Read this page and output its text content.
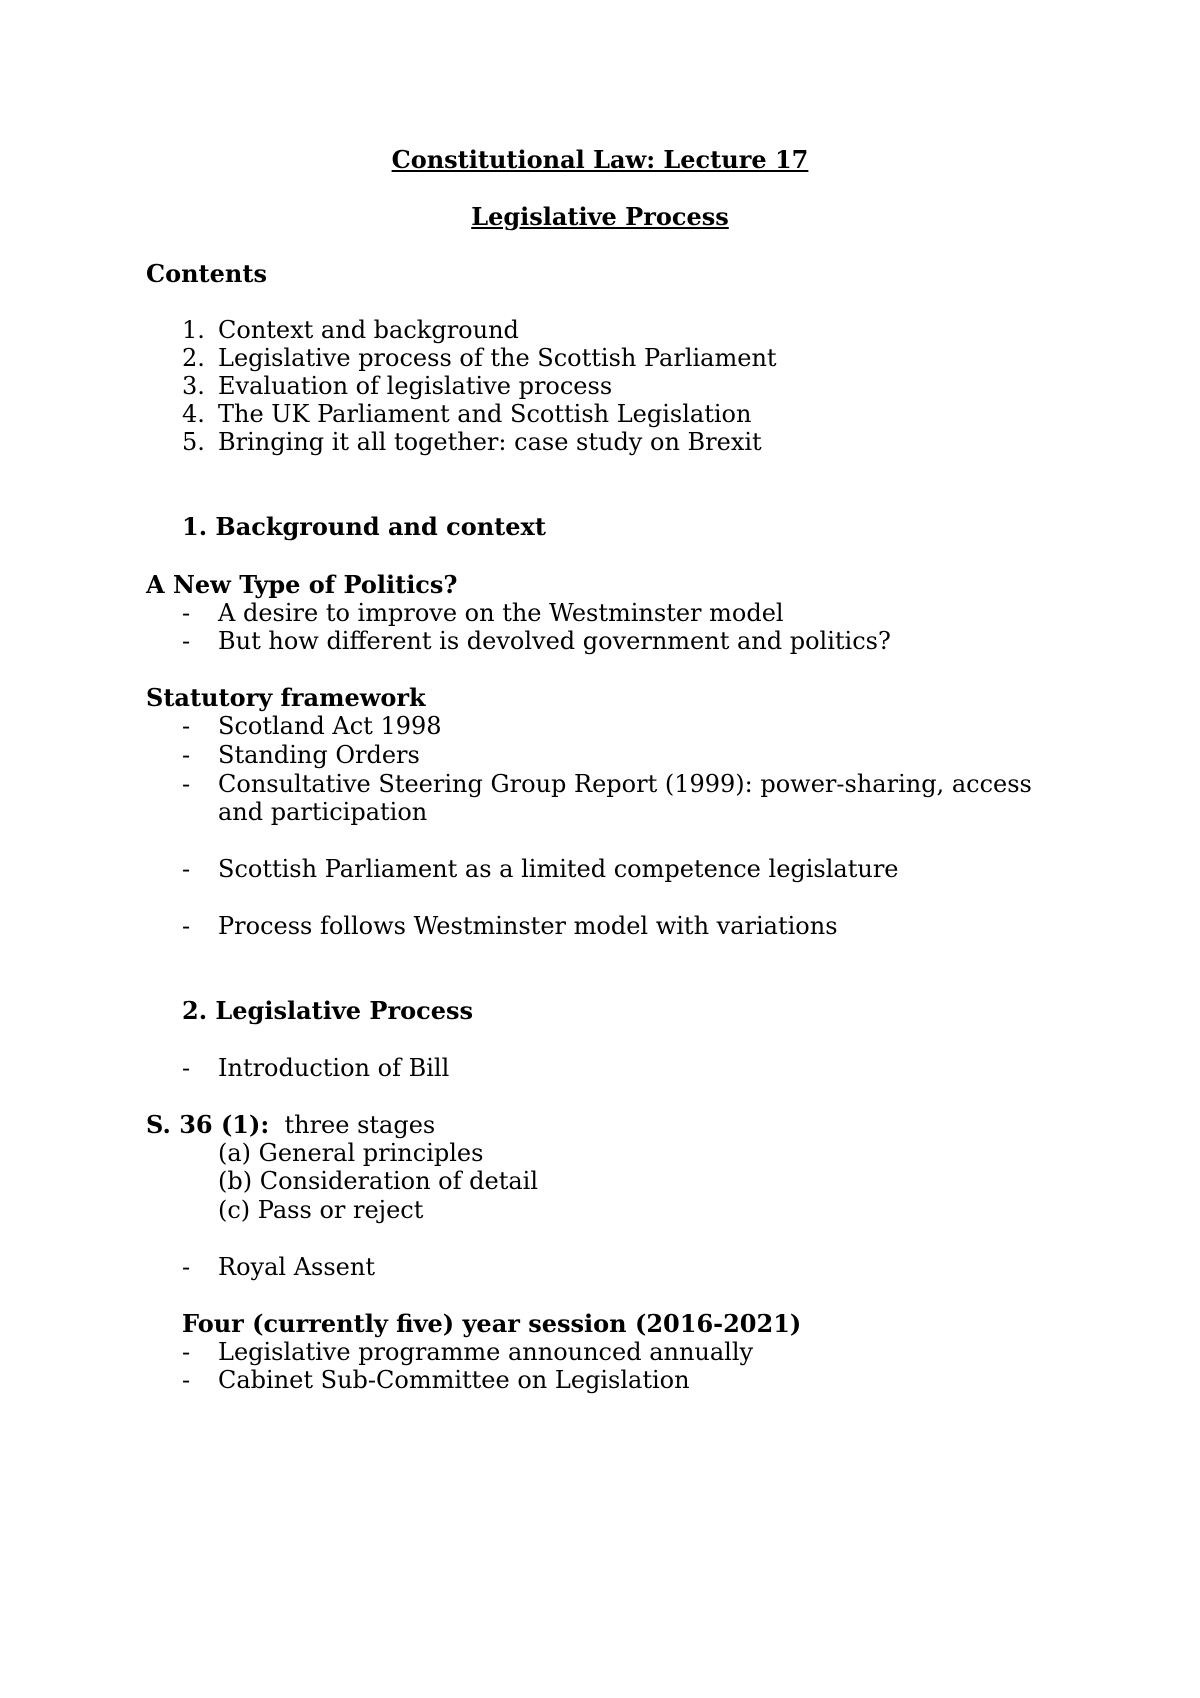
Constitutional Law: Lecture 17
Legislative Process
Contents
1. Context and background
2. Legislative process of the Scottish Parliament
3. Evaluation of legislative process
4. The UK Parliament and Scottish Legislation
5. Bringing it all together: case study on Brexit
1. Background and context
A New Type of Politics?
- A desire to improve on the Westminster model
- But how different is devolved government and politics?
Statutory framework
- Scotland Act 1998
- Standing Orders
- Consultative Steering Group Report (1999): power-sharing, access
and participation
- Scottish Parliament as a limited competence legislature
- Process follows Westminster model with variations
2. Legislative Process
- Introduction of Bill
S. 36 (1):  three stages
(a) General principles
(b) Consideration of detail
(c) Pass or reject
- Royal Assent
Four (currently five) year session (2016-2021)
- Legislative programme announced annually
- Cabinet Sub-Committee on Legislation
